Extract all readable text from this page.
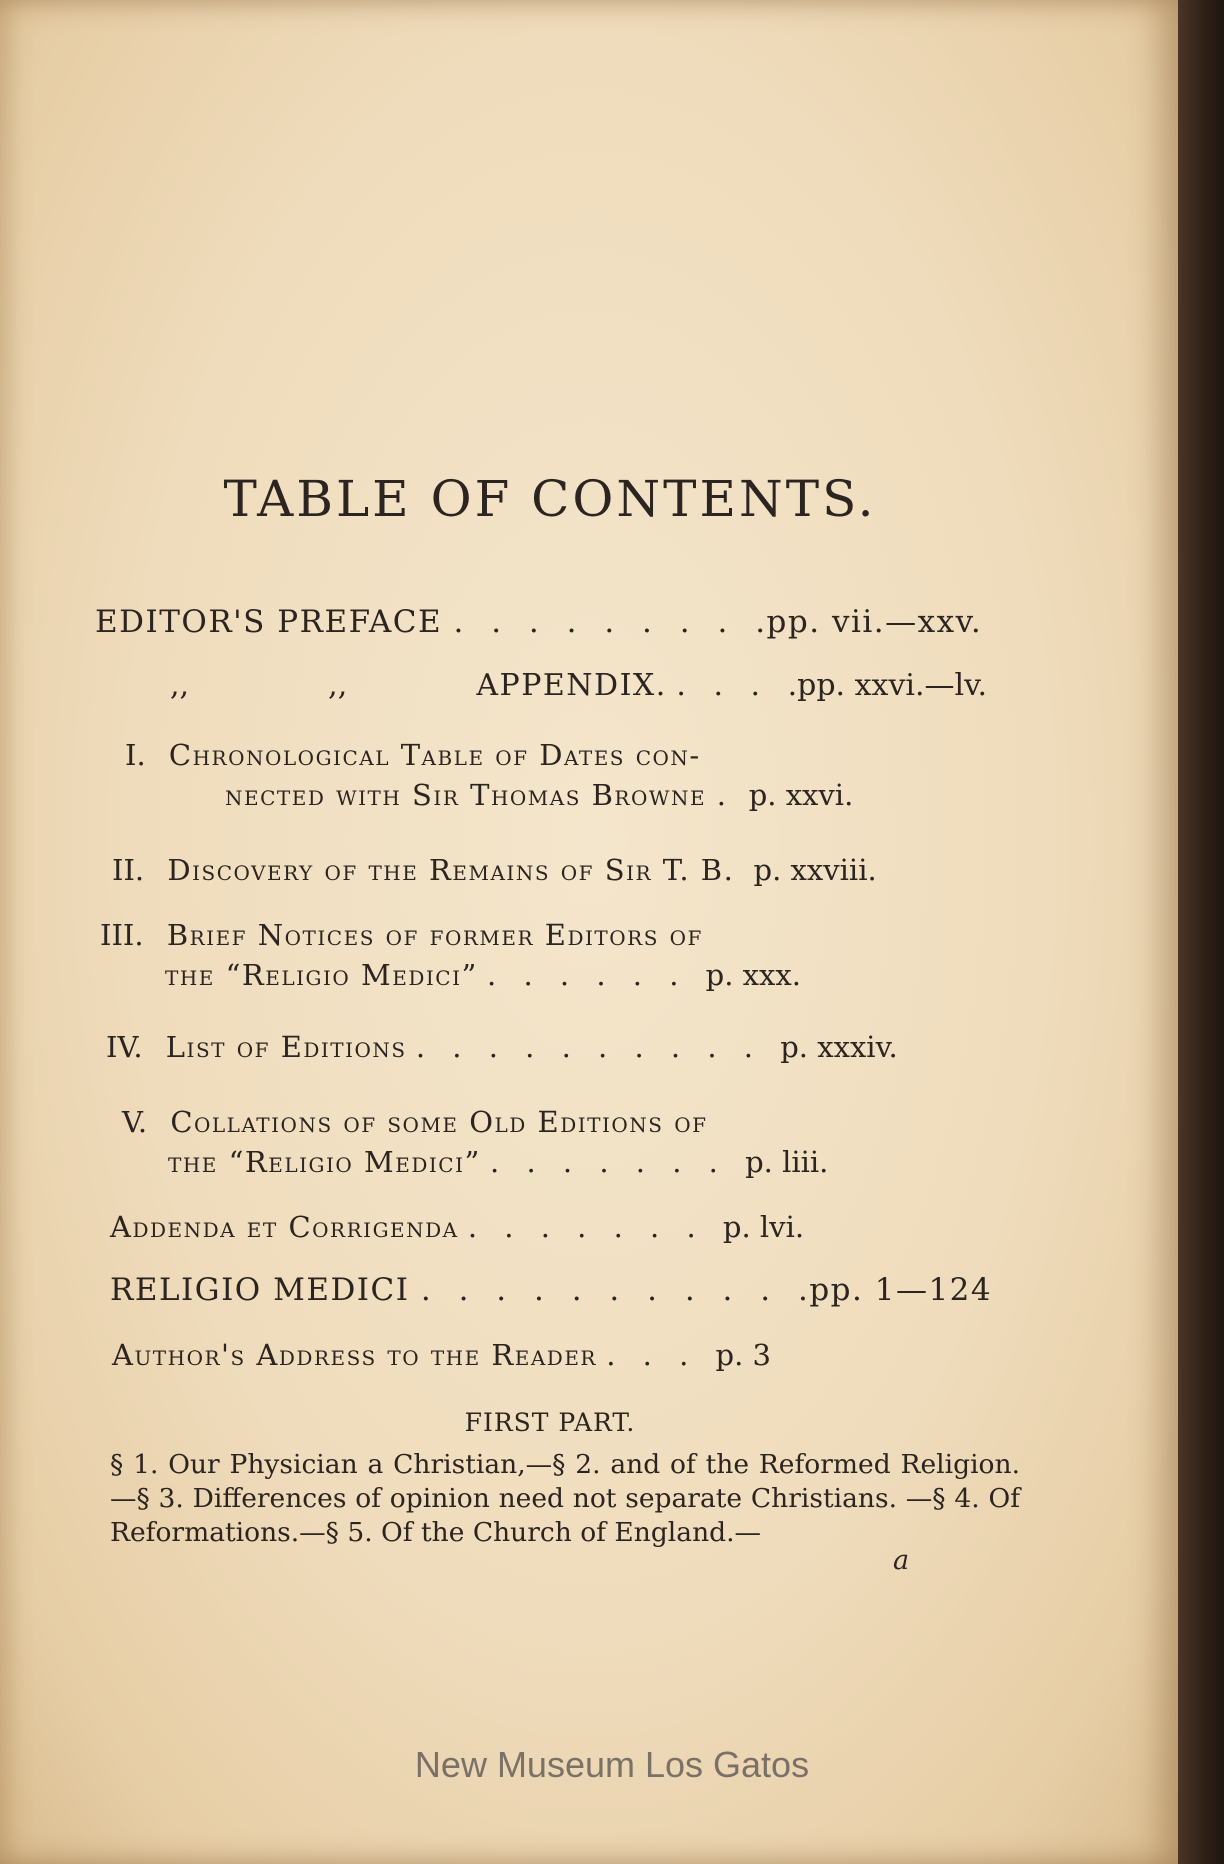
TABLE OF CONTENTS.
EDITOR'S PREFACE . . . . . . . . .pp. vii.—xxv.
,,	,,	APPENDIX. . . . .pp. xxvi.—lv.
I. Chronological Table of Dates con-
nected with Sir Thomas Browne . p. xxvi.
II. Discovery of the Remains of Sir T. B. p. xxviii.
III. Brief Notices of former Editors of
the “Religio Medici” . . . . . . p. xxx.
IV. List of Editions . . . . . . . . . . p. xxxiv.
V. Collations of some Old Editions of
the “Religio Medici” . . . . . . . p. liii.
Addenda et Corrigenda . . . . . . . p. lvi.
RELIGIO MEDICI . . . . . . . . . . .pp. 1—124
Author's Address to the Reader . . . p. 3
FIRST PART.
§ 1. Our Physician a Christian,—§ 2. and of the Reformed Religion.—§ 3. Differences of opinion need not separate Christians. —§ 4. Of Reformations.—§ 5. Of the Church of England.—
a
New Museum Los Gatos
